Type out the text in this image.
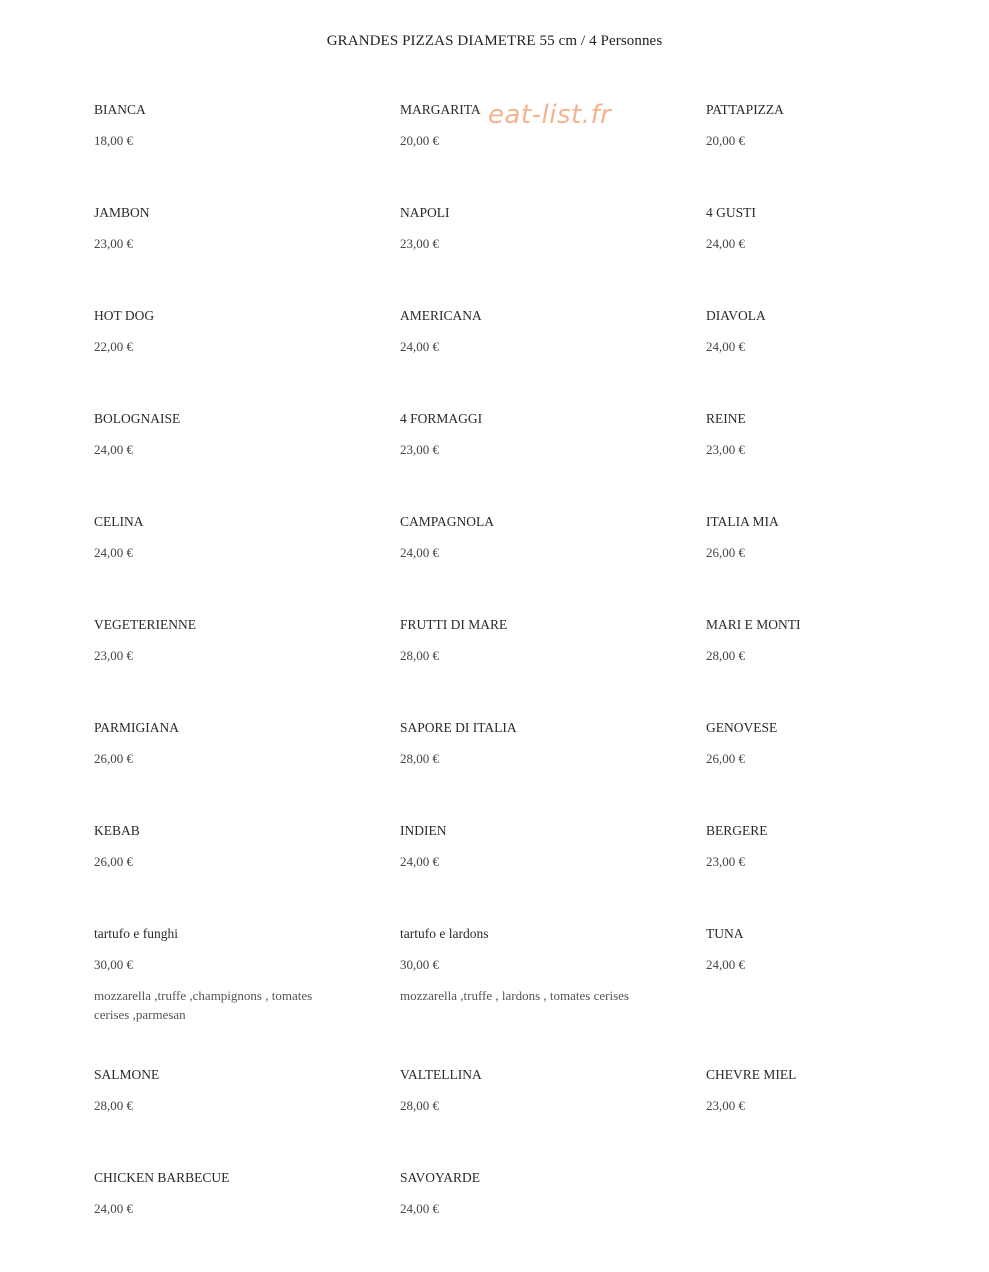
GRANDES PIZZAS DIAMETRE 55 cm / 4 Personnes
BIANCA
18,00 €
MARGARITA
20,00 €
PATTAPIZZA
20,00 €
JAMBON
23,00 €
NAPOLI
23,00 €
4 GUSTI
24,00 €
HOT DOG
22,00 €
AMERICANA
24,00 €
DIAVOLA
24,00 €
BOLOGNAISE
24,00 €
4 FORMAGGI
23,00 €
REINE
23,00 €
CELINA
24,00 €
CAMPAGNOLA
24,00 €
ITALIA MIA
26,00 €
VEGETERIENNE
23,00 €
FRUTTI DI MARE
28,00 €
MARI E MONTI
28,00 €
PARMIGIANA
26,00 €
SAPORE DI ITALIA
28,00 €
GENOVESE
26,00 €
KEBAB
26,00 €
INDIEN
24,00 €
BERGERE
23,00 €
tartufo e funghi
30,00 €
mozzarella ,truffe ,champignons , tomates cerises ,parmesan
tartufo e lardons
30,00 €
mozzarella ,truffe , lardons , tomates cerises
TUNA
24,00 €
SALMONE
28,00 €
VALTELLINA
28,00 €
CHEVRE MIEL
23,00 €
CHICKEN BARBECUE
24,00 €
SAVOYARDE
24,00 €
eat-list.fr
